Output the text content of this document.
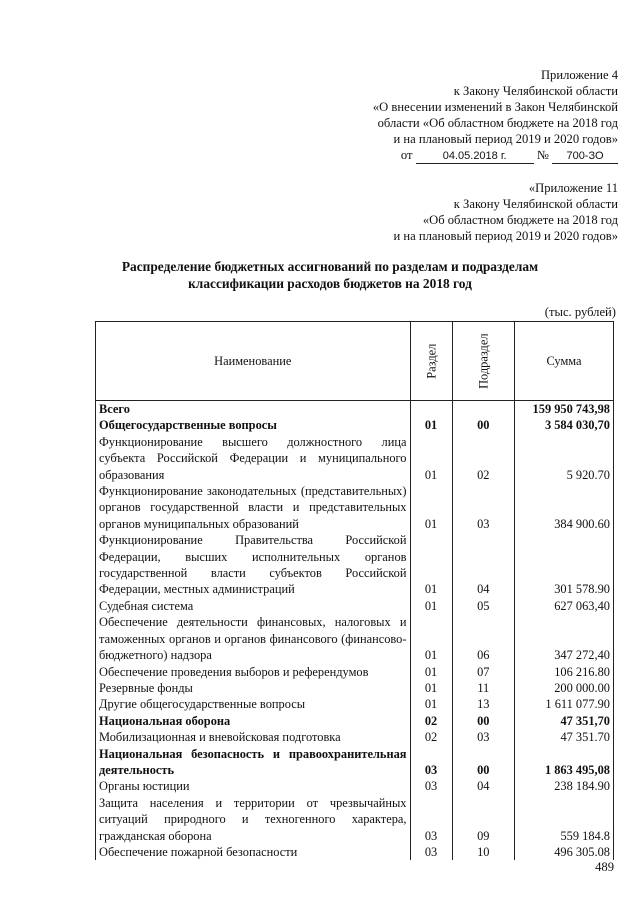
Приложение 4
к Закону Челябинской области
«О внесении изменений в Закон Челябинской
области «Об областном бюджете на 2018 год
и на плановый период 2019 и 2020 годов»
от	04.05.2018 г. № 700-ЗО
«Приложение 11
к Закону Челябинской области
«Об областном бюджете на 2018 год
и на плановый период 2019 и 2020 годов»
Распределение бюджетных ассигнований по разделам и подразделам
классификации расходов бюджетов на 2018 год
(тыс. рублей)
Наименование	Раздел	Подраздел	Сумма
Всего			159 950 743,98
Общегосударственные вопросы	01	00	3 584 030,70
Функционирование высшего должностного лица субъекта Российской Федерации и муниципального образования	01	02	5 920.70
Функционирование законодательных (представительных) органов государственной власти и представительных органов муниципальных образований	01	03	384 900.60
Функционирование Правительства Российской Федерации, высших исполнительных органов государственной власти субъектов Российской Федерации, местных администраций	01	04	301 578.90
Судебная система	01	05	627 063,40
Обеспечение деятельности финансовых, налоговых и таможенных органов и органов финансового (финансово-бюджетного) надзора	01	06	347 272,40
Обеспечение проведения выборов и референдумов	01	07	106 216.80
Резервные фонды	01	11	200 000.00
Другие общегосударственные вопросы	01	13	1 611 077.90
Национальная оборона	02	00	47 351,70
Мобилизационная и вневойсковая подготовка	02	03	47 351.70
Национальная безопасность и правоохранительная деятельность	03	00	1 863 495,08
Органы юстиции	03	04	238 184.90
Защита населения и территории от чрезвычайных ситуаций природного и техногенного характера, гражданская оборона	03	09	559 184.8
Обеспечение пожарной безопасности	03	10	496 305.08
489
